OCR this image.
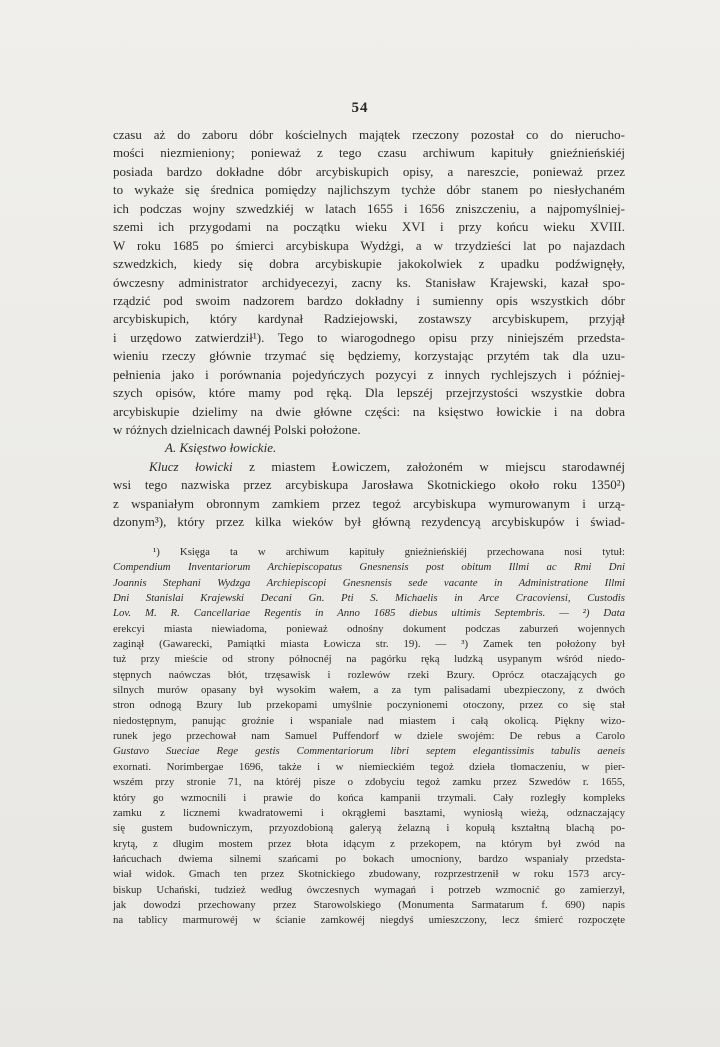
54
czasu aż do zaboru dóbr kościelnych majątek rzeczony pozostał co do nierucho-
mości niezmieniony; ponieważ z tego czasu archiwum kapituły gnieźnieńskiéj
posiada bardzo dokładne dóbr arcybiskupich opisy, a nareszcie, ponieważ przez
to wykaże się średnica pomiędzy najlichszym tychże dóbr stanem po niesłychaném
ich podczas wojny szwedzkiéj w latach 1655 i 1656 zniszczeniu, a najpomyślniej-
szemi ich przygodami na początku wieku XVI i przy końcu wieku XVIII.
W roku 1685 po śmierci arcybiskupa Wydżgi, a w trzydzieści lat po najazdach
szwedzkich, kiedy się dobra arcybiskupie jakokolwiek z upadku podźwignęły,
ówczesny administrator archidyecezyi, zacny ks. Stanisław Krajewski, kazał spo-
rządzić pod swoim nadzorem bardzo dokładny i sumienny opis wszystkich dóbr
arcybiskupich, który kardynał Radziejowski, zostawszy arcybiskupem, przyjął
i urzędowo zatwierdził¹). Tego to wiarogodnego opisu przy niniejszém przedsta-
wieniu rzeczy głównie trzymać się będziemy, korzystając przytém tak dla uzu-
pełnienia jako i porównania pojedyńczych pozycyi z innych rychlejszych i później-
szych opisów, które mamy pod ręką. Dla lepszéj przejrzystości wszystkie dobra
arcybiskupie dzielimy na dwie główne części: na księstwo łowickie i na dobra
w różnych dzielnicach dawnéj Polski położone.
A. Księstwo łowickie.
Klucz łowicki z miastem Łowiczem, założoném w miejscu starodawnéj
wsi tego nazwiska przez arcybiskupa Jarosława Skotnickiego około roku 1350²)
z wspaniałym obronnym zamkiem przez tegoż arcybiskupa wymurowanym i urzą-
dzonym³), który przez kilka wieków był główną rezydencyą arcybiskupów i świad-
¹) Księga ta w archiwum kapituły gnieźnieńskiéj przechowana nosi tytuł:
Compendium Inventariorum Archiepiscopatus Gnesnensis post obitum Illmi ac Rmi Dni
Joannis Stephani Wydzga Archiepiscopi Gnesnensis sede vacante in Administratione Illmi
Dni Stanislai Krajewski Decani Gn. Pti S. Michaelis in Arce Cracoviensi, Custodis
Lov. M. R. Cancellariae Regentis in Anno 1685 diebus ultimis Septembris. — ²) Data
erekcyi miasta niewiadoma, ponieważ odnośny dokument podczas zaburzeń wojennych
zaginął (Gawarecki, Pamiątki miasta Łowicza str. 19). — ³) Zamek ten położony był
tuż przy mieście od strony północnéj na pagórku ręką ludzką usypanym wśród niedo-
stępnych naówczas błót, trzęsawisk i rozlewów rzeki Bzury. Oprócz otaczających go
silnych murów opasany był wysokim wałem, a za tym palisadami ubezpieczony, z dwóch
stron odnogą Bzury lub przekopami umyślnie poczynionemi otoczony, przez co się stał
niedostępnym, panując groźnie i wspaniale nad miastem i całą okolicą. Piękny wizo-
runek jego przechował nam Samuel Puffendorf w dziele swojém: De rebus a Carolo
Gustavo Sueciae Rege gestis Commentariorum libri septem elegantissimis tabulis aeneis
exornati. Norimbergae 1696, także i w niemieckiém tegoż dzieła tłomaczeniu, w pier-
wszém przy stronie 71, na któréj pisze o zdobyciu tegoż zamku przez Szwedów r. 1655,
który go wzmocnili i prawie do końca kampanii trzymali. Cały rozległy kompleks
zamku z licznemi kwadratowemi i okrągłemi basztami, wyniosłą wieżą, odznaczający
się gustem budowniczym, przyozdobioną galeryą żelazną i kopułą kształtną blachą po-
krytą, z długim mostem przez błota idącym z przekopem, na którym był zwód na
łańcuchach dwiema silnemi szańcami po bokach umocniony, bardzo wspaniały przedsta-
wiał widok. Gmach ten przez Skotnickiego zbudowany, rozprzestrzenił w roku 1573 arcy-
biskup Uchański, tudzież według ówczesnych wymagań i potrzeb wzmocnić go zamierzył,
jak dowodzi przechowany przez Starowolskiego (Monumenta Sarmatarum f. 690) napis
na tablicy marmurowéj w ścianie zamkowéj niegdyś umieszczony, lecz śmierć rozpoczęte
